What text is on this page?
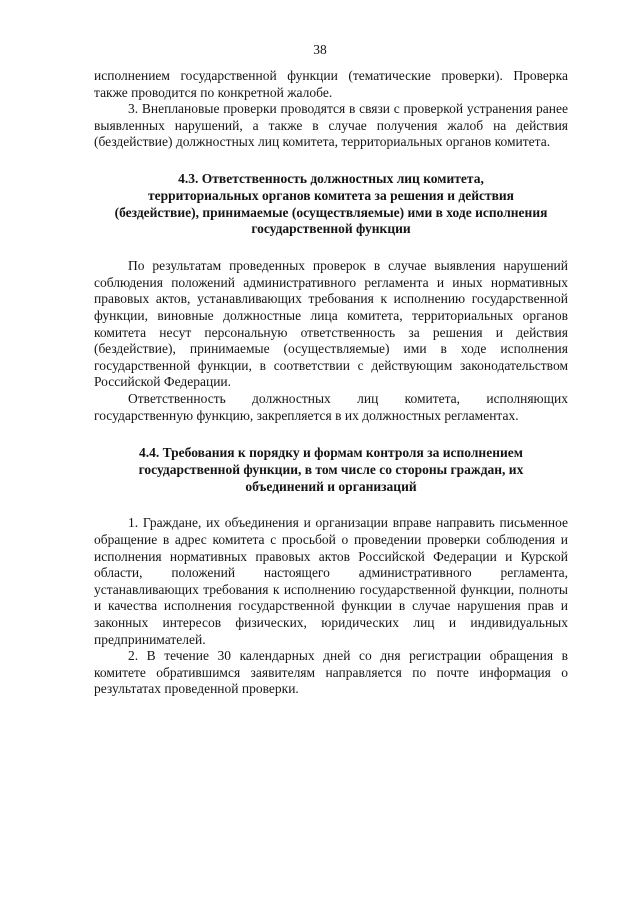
38

исполнением государственной функции (тематические проверки). Проверка также проводится по конкретной жалобе.

3. Внеплановые проверки проводятся в связи с проверкой устранения ранее выявленных нарушений, а также в случае получения жалоб на действия (бездействие) должностных лиц комитета, территориальных органов комитета.

4.3. Ответственность должностных лиц комитета,
территориальных органов комитета за решения и действия
(бездействие), принимаемые (осуществляемые) ими в ходе исполнения
государственной функции

По результатам проведенных проверок в случае выявления нарушений соблюдения положений административного регламента и иных нормативных правовых актов, устанавливающих требования к исполнению государственной функции, виновные должностные лица комитета, территориальных органов комитета несут персональную ответственность за решения и действия (бездействие), принимаемые (осуществляемые) ими в ходе исполнения государственной функции, в соответствии с действующим законодательством Российской Федерации.

Ответственность должностных лиц комитета, исполняющих государственную функцию, закрепляется в их должностных регламентах.

4.4. Требования к порядку и формам контроля за исполнением
государственной функции, в том числе со стороны граждан, их
объединений и организаций

1. Граждане, их объединения и организации вправе направить письменное обращение в адрес комитета с просьбой о проведении проверки соблюдения и исполнения нормативных правовых актов Российской Федерации и Курской области, положений настоящего административного регламента, устанавливающих требования к исполнению государственной функции, полноты и качества исполнения государственной функции в случае нарушения прав и законных интересов физических, юридических лиц и индивидуальных предпринимателей.

2. В течение 30 календарных дней со дня регистрации обращения в комитете обратившимся заявителям направляется по почте информация о результатах проведенной проверки.
